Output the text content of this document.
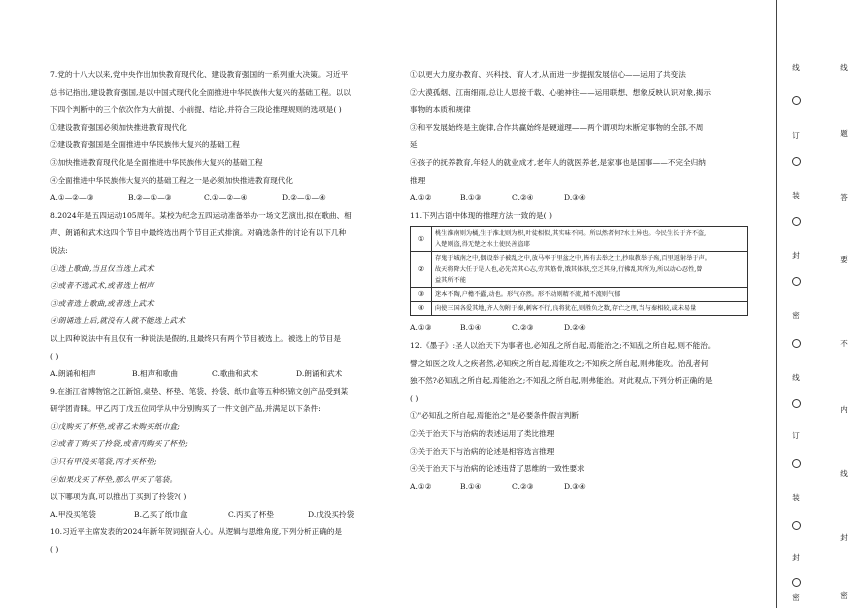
7.党的十八大以来,党中央作出加快教育现代化、建设教育强国的一系列重大决策。习近平
总书记指出,建设教育强国,是以中国式现代化全面推进中华民族伟大复兴的基础工程。以以
下四个判断中的三个依次作为大前提、小前提、结论,并符合三段论推理规则的选项是( )
①建设教育强国必须加快推进教育现代化
②建设教育强国是全面推进中华民族伟大复兴的基础工程
③加快推进教育现代化是全面推进中华民族伟大复兴的基础工程
④全面推进中华民族伟大复兴的基础工程之一是必须加快推进教育现代化
A.①—②—③	B.②—①—③	C.①—②—④	D.②—①—④
8.2024年是五四运动105周年。某校为纪念五四运动准备举办一场文艺演出,拟在歌曲、相
声、朗诵和武术这四个节目中最终选出两个节目正式排演。对确选条件的讨论有以下几种
说法:
①选上歌曲,当且仅当选上武术
②或者不选武术,或者选上相声
③或者选上歌曲,或者选上武术
④朗诵选上后,就没有人就不能选上武术
以上四种说法中有且仅有一种说法是假的,且最终只有两个节目被选上。被选上的节目是
( )
A.朗诵和相声	B.相声和歌曲	C.歌曲和武术	D.朗诵和武术
9.在浙江省博物馆之江新馆,桌垫、杯垫、笔袋、拎袋、纸巾盒等五种织锦文创产品受到某
研学团青睐。甲乙丙丁戊五位同学从中分别购买了一件文创产品,并满足以下条件:
①戊购买了杯垫,或者乙未购买纸巾盒;
②或者丁购买了拎袋,或者丙购买了杯垫;
③只有甲没买笔袋,丙才买杯垫;
④如果戊买了杯垫,那么甲买了笔袋。
以下哪项为真,可以推出丁买到了拎袋?( )
A.甲没买笔袋	B.乙买了纸巾盒	C.丙买了杯垫	D.戊没买拎袋
10.习近平主席发表的2024年新年贺词振奋人心。从逻辑与思维角度,下列分析正确的是
( )
①以更大力度办教育、兴科技、育人才,从而进一步提振发展信心——运用了共变法
②大漠孤烟、江南细雨,总让人思接千载、心驰神往——运用联想、想象反映认识对象,揭示
事物的本质和规律
③和平发展始终是主旋律,合作共赢始终是硬道理——两个谓项均未断定事物的全部,不周
延
④孩子的抚养教育,年轻人的就业成才,老年人的就医养老,是家事也是国事——不完全归纳
推理
A.①②	B.①③	C.②④	D.③④
11.下列古语中体现的推理方法一致的是( )
①	桃生淮南则为橘,生于淮北则为枳,叶徒相似,其实味不同。所以然者何?水土异也。今民生长于齐不盗,
入楚则盗,得无楚之水土使民善盗耶

②	存鬼于城南之中,偶设举子被乱之中,放马率于里盆之中,皆有去举之士,抄取教举子殇,百里返射举于声。
故天将降大任于是人也,必先苦其心志,劳其筋骨,饿其体肤,空乏其身,行拂乱其所为,所以动心忍性,曾
益其所不能

③	迷本不陶,户檐不蠹,动也。形气亦然。形不动则精不流,精不流则气郁

④	向使三国各爱其地,齐人勿附于秦,刺客不行,良将犹在,则胜负之数,存亡之理,当与秦相较,或未易量
A.①③	B.①④	C.②③	D.②④
12.《墨子》:圣人以治天下为事者也,必知乱之所自起,焉能治之;不知乱之所自起,则不能治。
譬之如医之攻人之疾者然,必知疾之所自起,焉能攻之;不知疾之所自起,则弗能攻。治乱者何
独不然?必知乱之所自起,焉能治之;不知乱之所自起,则弗能治。对此观点,下列分析正确的是
( )
①"必知乱之所自起,焉能治之"是必要条件假言判断
②关于治天下与治病的表述运用了类比推理
③关于治天下与治病的论述是相容选言推理
④关于治天下与治病的论述违背了思维的一致性要求
A.①②	B.①④	C.②③	D.③④
线
订
装
封
密
线
订
装
封
密
线
题
答
要
不
内
线
封
密
